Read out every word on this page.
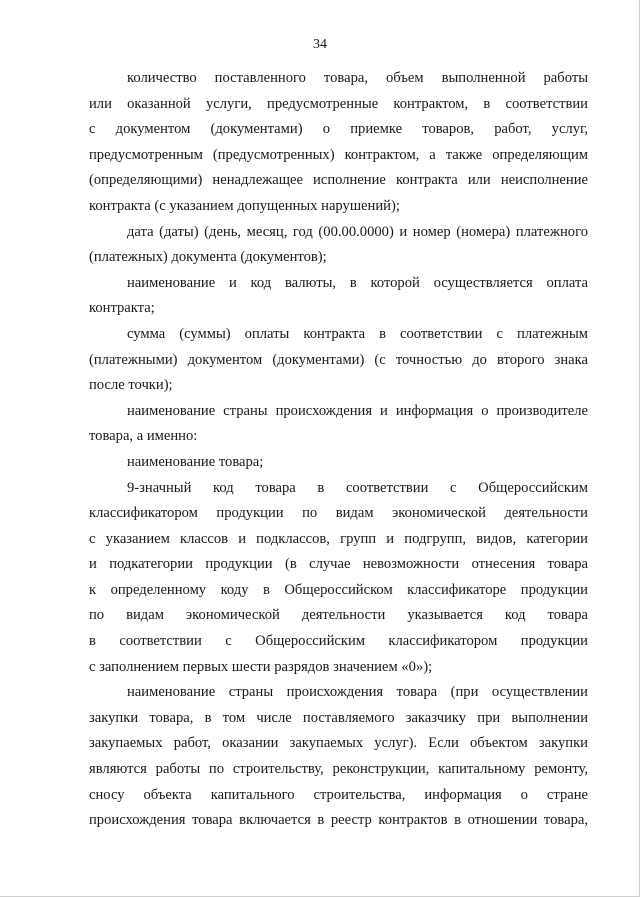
34
количество поставленного товара, объем выполненной работы
или оказанной услуги, предусмотренные контрактом, в соответствии
с документом (документами) о приемке товаров, работ, услуг,
предусмотренным (предусмотренных) контрактом, а также определяющим
(определяющими) ненадлежащее исполнение контракта или неисполнение
контракта (с указанием допущенных нарушений);
дата (даты) (день, месяц, год (00.00.0000) и номер (номера) платежного
(платежных) документа (документов);
наименование и код валюты, в которой осуществляется оплата
контракта;
сумма (суммы) оплаты контракта в соответствии с платежным
(платежными) документом (документами) (с точностью до второго знака
после точки);
наименование страны происхождения и информация о производителе
товара, а именно:
наименование товара;
9-значный код товара в соответствии с Общероссийским
классификатором продукции по видам экономической деятельности
с указанием классов и подклассов, групп и подгрупп, видов, категории
и подкатегории продукции (в случае невозможности отнесения товара
к определенному коду в Общероссийском классификаторе продукции
по видам экономической деятельности указывается код товара
в соответствии с Общероссийским классификатором продукции
с заполнением первых шести разрядов значением «0»);
наименование страны происхождения товара (при осуществлении
закупки товара, в том числе поставляемого заказчику при выполнении
закупаемых работ, оказании закупаемых услуг). Если объектом закупки
являются работы по строительству, реконструкции, капитальному ремонту,
сносу объекта капитального строительства, информация о стране
происхождения товара включается в реестр контрактов в отношении товара,
